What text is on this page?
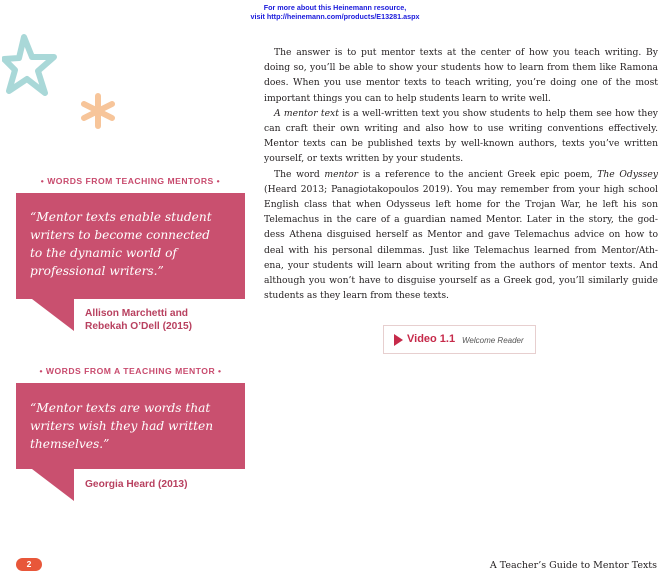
For more about this Heinemann resource,
visit http://heinemann.com/products/E13281.aspx
• WORDS FROM TEACHING MENTORS •
“Mentor texts enable student
writers to become connected
to the dynamic world of
professional writers.”
Allison Marchetti and
Rebekah O’Dell (2015)
• WORDS FROM A TEACHING MENTOR •
“Mentor texts are words that
writers wish they had written
themselves.”
Georgia Heard (2013)

The answer is to put mentor texts at the center of how you teach writing. By doing so, you’ll be able to show your students how to learn from them like Ramona does. When you use mentor texts to teach writing, you’re doing one of the most important things you can to help students learn to write well.

A mentor text is a well-written text you show students to help them see how they can craft their own writing and also how to use writing conventions effectively. Mentor texts can be published texts by well-known authors, texts you’ve written yourself, or texts written by your students.

The word mentor is a reference to the ancient Greek epic poem, The Odyssey (Heard 2013; Panagiotakopoulos 2019). You may remember from your high school English class that when Odysseus left home for the Trojan War, he left his son Telemachus in the care of a guardian named Mentor. Later in the story, the god-dess Athena disguised herself as Mentor and gave Telemachus advice on how to deal with his personal dilemmas. Just like Telemachus learned from Mentor/Ath-ena, your students will learn about writing from the authors of mentor texts. And although you won’t have to disguise yourself as a Greek god, you’ll similarly guide students as they learn from these texts.

Video 1.1 Welcome Reader
2	A Teacher’s Guide to Mentor Texts
